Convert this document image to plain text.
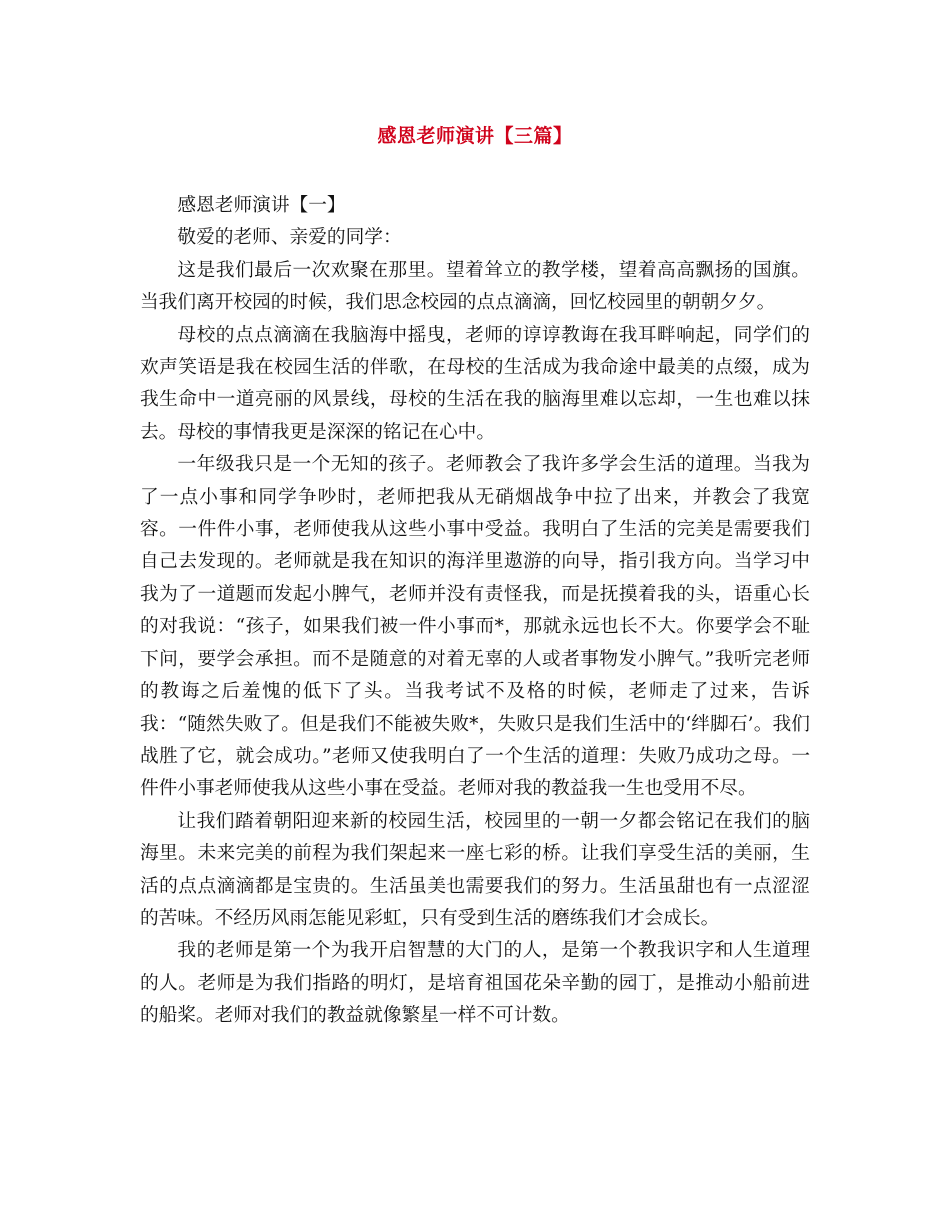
感恩老师演讲【三篇】

感恩老师演讲【一】

敬爱的老师、亲爱的同学：

这是我们最后一次欢聚在那里。望着耸立的教学楼，望着高高飘扬的国旗。当我们离开校园的时候，我们思念校园的点点滴滴，回忆校园里的朝朝夕夕。

母校的点点滴滴在我脑海中摇曳，老师的谆谆教诲在我耳畔响起，同学们的欢声笑语是我在校园生活的伴歌，在母校的生活成为我命途中最美的点缀，成为我生命中一道亮丽的风景线，母校的生活在我的脑海里难以忘却，一生也难以抹去。母校的事情我更是深深的铭记在心中。

一年级我只是一个无知的孩子。老师教会了我许多学会生活的道理。当我为了一点小事和同学争吵时，老师把我从无硝烟战争中拉了出来，并教会了我宽容。一件件小事，老师使我从这些小事中受益。我明白了生活的完美是需要我们自己去发现的。老师就是我在知识的海洋里遨游的向导，指引我方向。当学习中我为了一道题而发起小脾气，老师并没有责怪我，而是抚摸着我的头，语重心长的对我说：“孩子，如果我们被一件小事而*，那就永远也长不大。你要学会不耻下问，要学会承担。而不是随意的对着无辜的人或者事物发小脾气。”我听完老师的教诲之后羞愧的低下了头。当我考试不及格的时候，老师走了过来，告诉我：“随然失败了。但是我们不能被失败*，失败只是我们生活中的‘绊脚石’。我们战胜了它，就会成功。”老师又使我明白了一个生活的道理：失败乃成功之母。一件件小事老师使我从这些小事在受益。老师对我的教益我一生也受用不尽。

让我们踏着朝阳迎来新的校园生活，校园里的一朝一夕都会铭记在我们的脑海里。未来完美的前程为我们架起来一座七彩的桥。让我们享受生活的美丽，生活的点点滴滴都是宝贵的。生活虽美也需要我们的努力。生活虽甜也有一点涩涩的苦味。不经历风雨怎能见彩虹，只有受到生活的磨练我们才会成长。

我的老师是第一个为我开启智慧的大门的人，是第一个教我识字和人生道理的人。老师是为我们指路的明灯，是培育祖国花朵辛勤的园丁，是推动小船前进的船桨。老师对我们的教益就像繁星一样不可计数。
